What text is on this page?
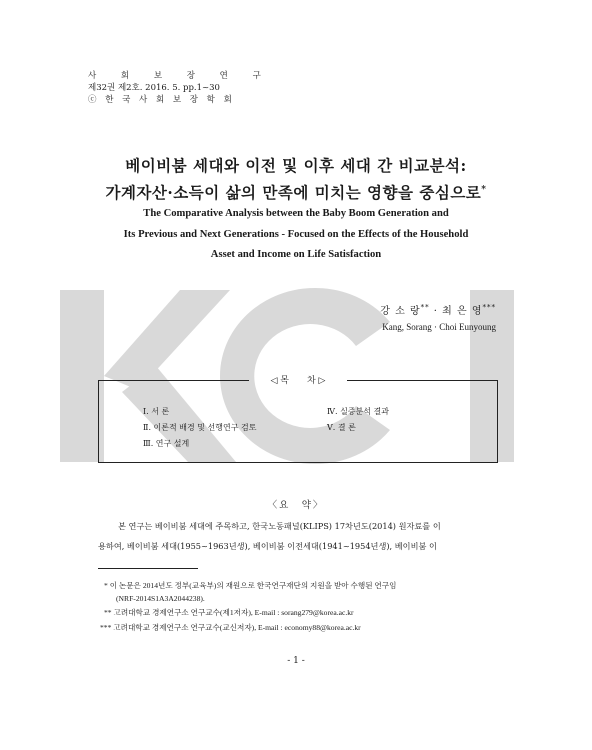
사 회 보 장 연 구
제32권 제2호. 2016. 5. pp.1~30
ⓒ 한 국 사 회 보 장 학 회
베이비붐 세대와 이전 및 이후 세대 간 비교분석:
가계자산·소득이 삶의 만족에 미치는 영향을 중심으로*
The Comparative Analysis between the Baby Boom Generation and
Its Previous and Next Generations - Focused on the Effects of the Household
Asset and Income on Life Satisfaction
강 소 랑** · 최 은 영***
Kang, Sorang · Choi Eunyoung
◁ 목　　차 ▷
Ⅰ. 서 론
Ⅱ. 이론적 배경 및 선행연구 검토
Ⅲ. 연구 설계
Ⅳ. 실증분석 결과
Ⅴ. 결 론
〈요　약〉
본 연구는 베이비붐 세대에 주목하고, 한국노동패널(KLIPS) 17차년도(2014) 원자료를 이
용하여, 베이비붐 세대(1955~1963년생), 베이비붐 이전세대(1941~1954년생), 베이비붐 이
* 이 논문은 2014년도 정부(교육부)의 재원으로 한국연구재단의 지원을 받아 수행된 연구임
(NRF-2014S1A3A2044238).
** 고려대학교 경제연구소 연구교수(제1저자), E-mail : sorang279@korea.ac.kr
*** 고려대학교 경제연구소 연구교수(교신저자), E-mail : economy88@korea.ac.kr
- 1 -
